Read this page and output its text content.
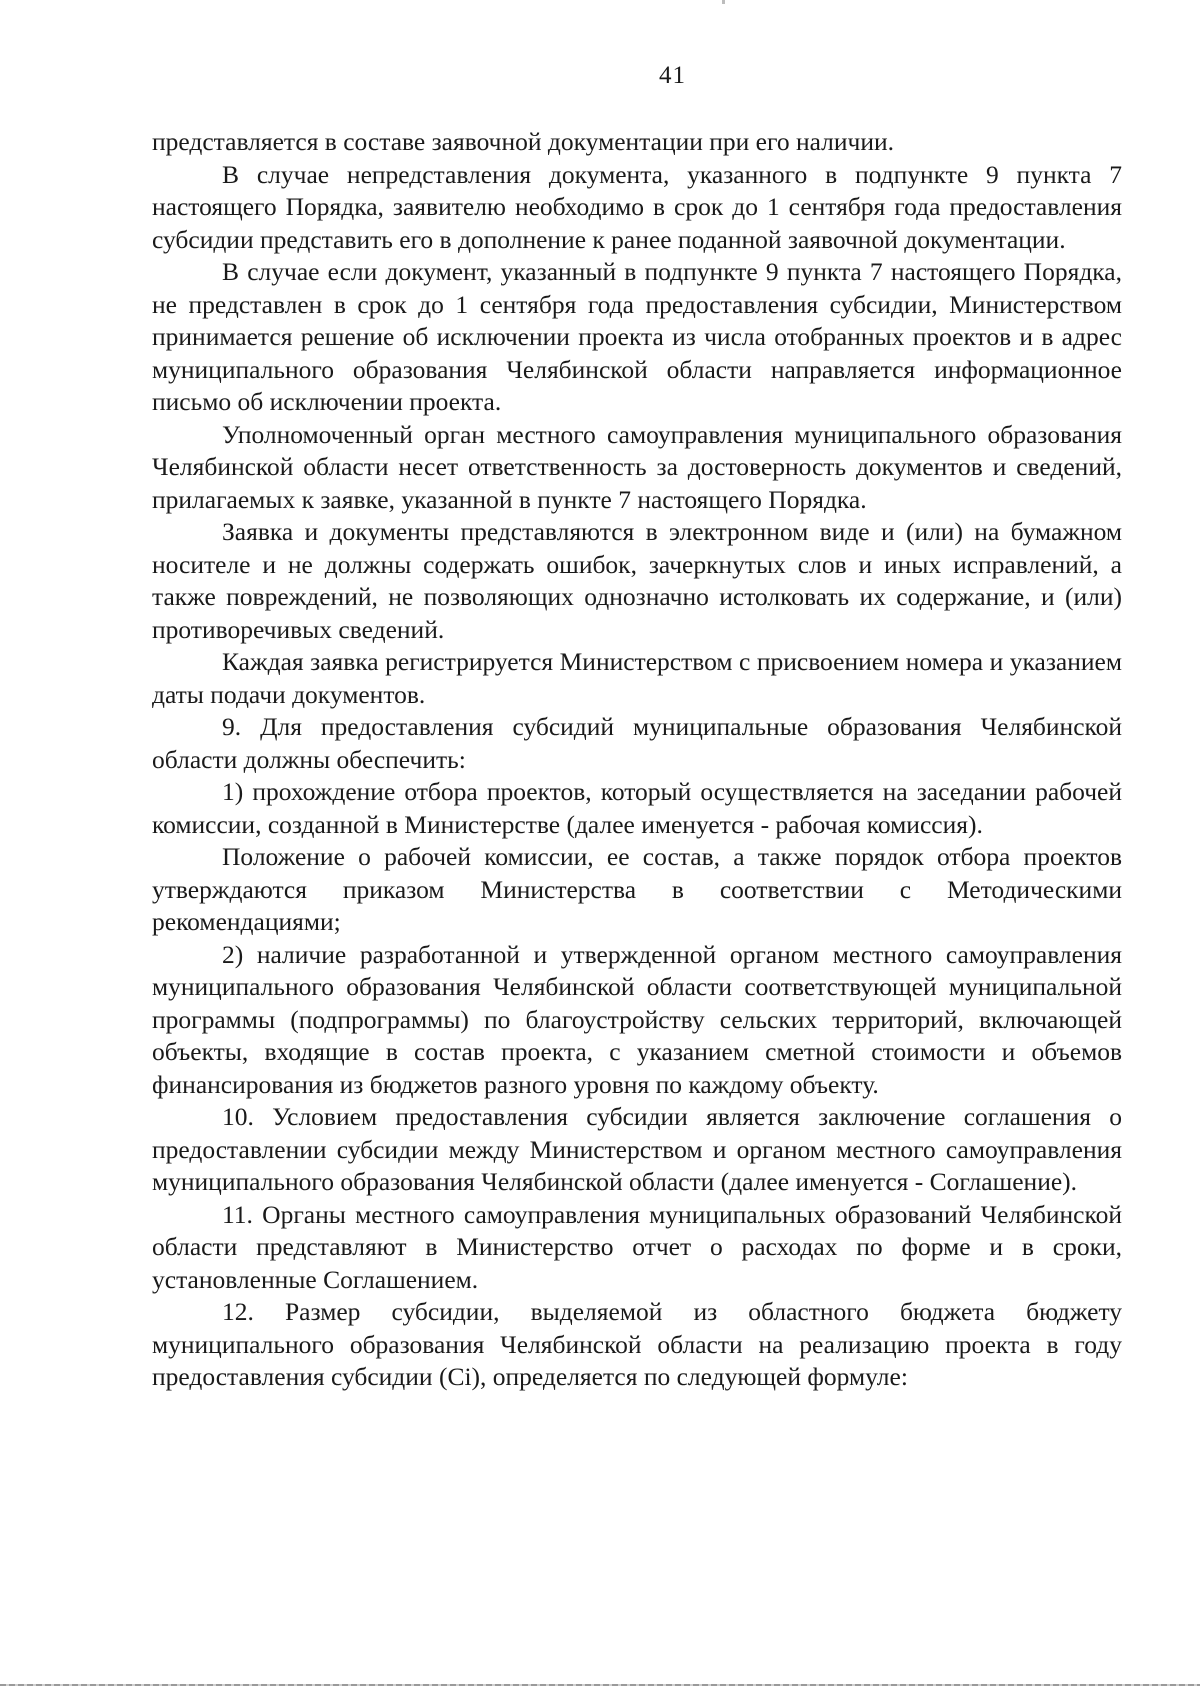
41

представляется в составе заявочной документации при его наличии.

В случае непредставления документа, указанного в подпункте 9 пункта 7 настоящего Порядка, заявителю необходимо в срок до 1 сентября года предоставления субсидии представить его в дополнение к ранее поданной заявочной документации.

В случае если документ, указанный в подпункте 9 пункта 7 настоящего Порядка, не представлен в срок до 1 сентября года предоставления субсидии, Министерством принимается решение об исключении проекта из числа отобранных проектов и в адрес муниципального образования Челябинской области направляется информационное письмо об исключении проекта.

Уполномоченный орган местного самоуправления муниципального образования Челябинской области несет ответственность за достоверность документов и сведений, прилагаемых к заявке, указанной в пункте 7 настоящего Порядка.

Заявка и документы представляются в электронном виде и (или) на бумажном носителе и не должны содержать ошибок, зачеркнутых слов и иных исправлений, а также повреждений, не позволяющих однозначно истолковать их содержание, и (или) противоречивых сведений.

Каждая заявка регистрируется Министерством с присвоением номера и указанием даты подачи документов.

9. Для предоставления субсидий муниципальные образования Челябинской области должны обеспечить:

1) прохождение отбора проектов, который осуществляется на заседании рабочей комиссии, созданной в Министерстве (далее именуется - рабочая комиссия).

Положение о рабочей комиссии, ее состав, а также порядок отбора проектов утверждаются приказом Министерства в соответствии с Методическими рекомендациями;

2) наличие разработанной и утвержденной органом местного самоуправления муниципального образования Челябинской области соответствующей муниципальной программы (подпрограммы) по благоустройству сельских территорий, включающей объекты, входящие в состав проекта, с указанием сметной стоимости и объемов финансирования из бюджетов разного уровня по каждому объекту.

10. Условием предоставления субсидии является заключение соглашения о предоставлении субсидии между Министерством и органом местного самоуправления муниципального образования Челябинской области (далее именуется - Соглашение).

11. Органы местного самоуправления муниципальных образований Челябинской области представляют в Министерство отчет о расходах по форме и в сроки, установленные Соглашением.

12. Размер субсидии, выделяемой из областного бюджета бюджету муниципального образования Челябинской области на реализацию проекта в году предоставления субсидии (Ci), определяется по следующей формуле:
